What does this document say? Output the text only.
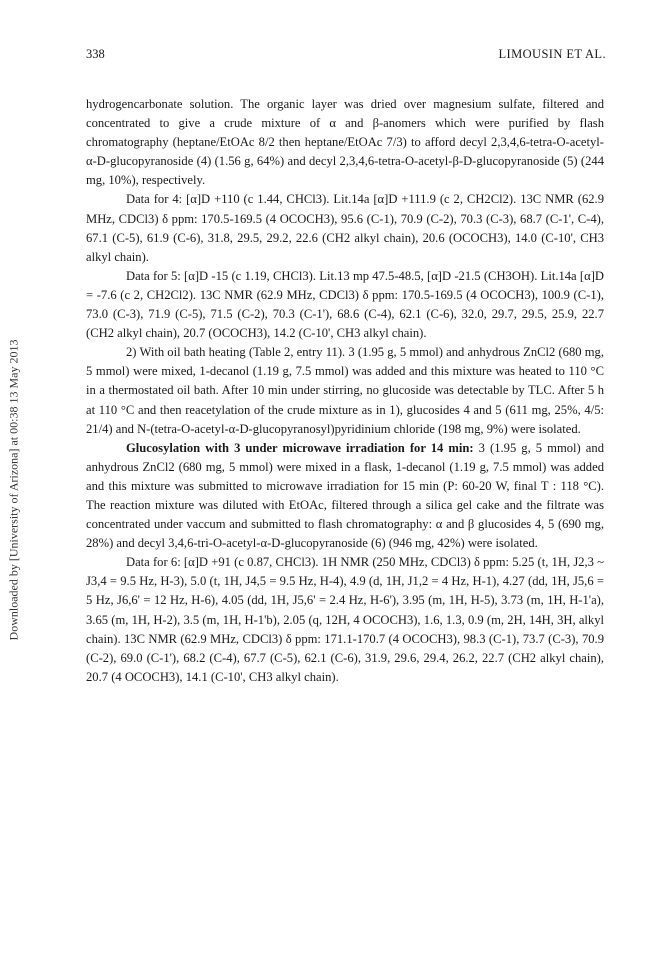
338	LIMOUSIN ET AL.
Downloaded by [University of Arizona] at 00:38 13 May 2013

hydrogencarbonate solution. The organic layer was dried over magnesium sulfate, filtered and concentrated to give a crude mixture of α and β-anomers which were purified by flash chromatography (heptane/EtOAc 8/2 then heptane/EtOAc 7/3) to afford decyl 2,3,4,6-tetra-O-acetyl-α-D-glucopyranoside (4) (1.56 g, 64%) and decyl 2,3,4,6-tetra-O-acetyl-β-D-glucopyranoside (5) (244 mg, 10%), respectively.

Data for 4: [α]D +110 (c 1.44, CHCl3). Lit.14a [α]D +111.9 (c 2, CH2Cl2). 13C NMR (62.9 MHz, CDCl3) δ ppm: 170.5-169.5 (4 OCOCH3), 95.6 (C-1), 70.9 (C-2), 70.3 (C-3), 68.7 (C-1', C-4), 67.1 (C-5), 61.9 (C-6), 31.8, 29.5, 29.2, 22.6 (CH2 alkyl chain), 20.6 (OCOCH3), 14.0 (C-10', CH3 alkyl chain).

Data for 5: [α]D -15 (c 1.19, CHCl3). Lit.13 mp 47.5-48.5, [α]D -21.5 (CH3OH). Lit.14a [α]D = -7.6 (c 2, CH2Cl2). 13C NMR (62.9 MHz, CDCl3) δ ppm: 170.5-169.5 (4 OCOCH3), 100.9 (C-1), 73.0 (C-3), 71.9 (C-5), 71.5 (C-2), 70.3 (C-1'), 68.6 (C-4), 62.1 (C-6), 32.0, 29.7, 29.5, 25.9, 22.7 (CH2 alkyl chain), 20.7 (OCOCH3), 14.2 (C-10', CH3 alkyl chain).

2) With oil bath heating (Table 2, entry 11). 3 (1.95 g, 5 mmol) and anhydrous ZnCl2 (680 mg, 5 mmol) were mixed, 1-decanol (1.19 g, 7.5 mmol) was added and this mixture was heated to 110 °C in a thermostated oil bath. After 10 min under stirring, no glucoside was detectable by TLC. After 5 h at 110 °C and then reacetylation of the crude mixture as in 1), glucosides 4 and 5 (611 mg, 25%, 4/5: 21/4) and N-(tetra-O-acetyl-α-D-glucopyranosyl)pyridinium chloride (198 mg, 9%) were isolated.

Glucosylation with 3 under microwave irradiation for 14 min: 3 (1.95 g, 5 mmol) and anhydrous ZnCl2 (680 mg, 5 mmol) were mixed in a flask, 1-decanol (1.19 g, 7.5 mmol) was added and this mixture was submitted to microwave irradiation for 15 min (P: 60-20 W, final T : 118 °C). The reaction mixture was diluted with EtOAc, filtered through a silica gel cake and the filtrate was concentrated under vaccum and submitted to flash chromatography: α and β glucosides 4, 5 (690 mg, 28%) and decyl 3,4,6-tri-O-acetyl-α-D-glucopyranoside (6) (946 mg, 42%) were isolated.

Data for 6: [α]D +91 (c 0.87, CHCl3). 1H NMR (250 MHz, CDCl3) δ ppm: 5.25 (t, 1H, J2,3 ~ J3,4 = 9.5 Hz, H-3), 5.0 (t, 1H, J4,5 = 9.5 Hz, H-4), 4.9 (d, 1H, J1,2 = 4 Hz, H-1), 4.27 (dd, 1H, J5,6 = 5 Hz, J6,6' = 12 Hz, H-6), 4.05 (dd, 1H, J5,6' = 2.4 Hz, H-6'), 3.95 (m, 1H, H-5), 3.73 (m, 1H, H-1'a), 3.65 (m, 1H, H-2), 3.5 (m, 1H, H-1'b), 2.05 (q, 12H, 4 OCOCH3), 1.6, 1.3, 0.9 (m, 2H, 14H, 3H, alkyl chain). 13C NMR (62.9 MHz, CDCl3) δ ppm: 171.1-170.7 (4 OCOCH3), 98.3 (C-1), 73.7 (C-3), 70.9 (C-2), 69.0 (C-1'), 68.2 (C-4), 67.7 (C-5), 62.1 (C-6), 31.9, 29.6, 29.4, 26.2, 22.7 (CH2 alkyl chain), 20.7 (4 OCOCH3), 14.1 (C-10', CH3 alkyl chain).
